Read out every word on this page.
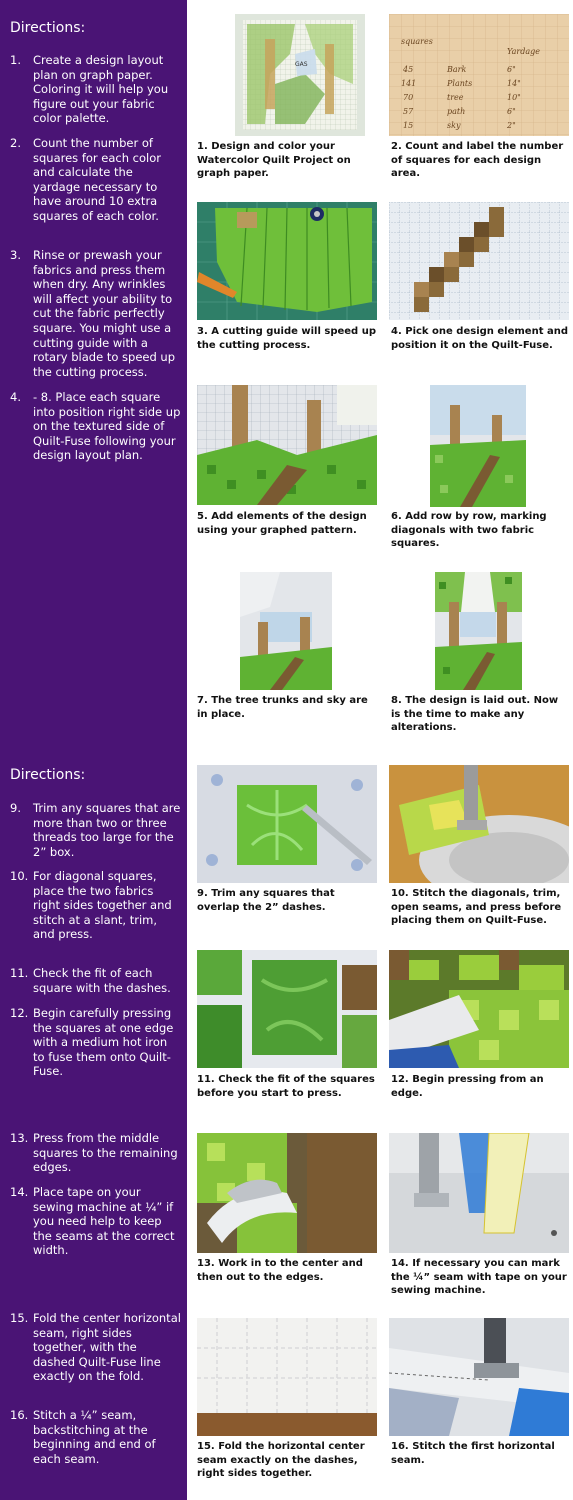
Directions:
1. Create a design layout plan on graph paper. Coloring it will help you figure out your fabric color palette.
2. Count the number of squares for each color and calculate the yardage necessary to have around 10 extra squares of each color.
3. Rinse or prewash your fabrics and press them when dry. Any wrinkles will affect your ability to cut the fabric perfectly square. You might use a cutting guide with a rotary blade to speed up the cutting process.
4. - 8. Place each square into position right side up on the textured side of Quilt-Fuse following your design layout plan.
Directions:
9. Trim any squares that are more than two or three threads too large for the 2” box.
10. For diagonal squares, place the two fabrics right sides together and stitch at a slant, trim, and press.
11. Check the fit of each square with the dashes.
12. Begin carefully pressing the squares at one edge with a medium hot iron to fuse them onto Quilt-Fuse.
13. Press from the middle squares to the remaining edges.
14. Place tape on your sewing machine at ¼” if you need help to keep the seams at the correct width.
15. Fold the center horizontal seam, right sides together, with the dashed Quilt-Fuse line exactly on the fold.
16. Stitch a ¼” seam, backstitching at the beginning and end of each seam.
GAS
1. Design and color your Watercolor Quilt Project on graph paper.
squares
Yardage
45	Bark	6"
141	Plants	14"
70	tree	10"
57	path	6"
15	sky	2"
2. Count and label the number of squares for each design area.
3. A cutting guide will speed up the cutting process.
4. Pick one design element and position it on the Quilt-Fuse.
5. Add elements of the design using your graphed pattern.
6. Add row by row, marking diagonals with two fabric squares.
7. The tree trunks and sky are in place.
8. The design is laid out. Now is the time to make any alterations.
9. Trim any squares that overlap the 2” dashes.
10. Stitch the diagonals, trim, open seams, and press before placing them on Quilt-Fuse.
11. Check the fit of the squares before you start to press.
12. Begin pressing from an edge.
13. Work in to the center and then out to the edges.
14. If necessary you can mark the ¼” seam with tape on your sewing machine.
15. Fold the horizontal center seam exactly on the dashes, right sides together.
16. Stitch the first horizontal seam.
